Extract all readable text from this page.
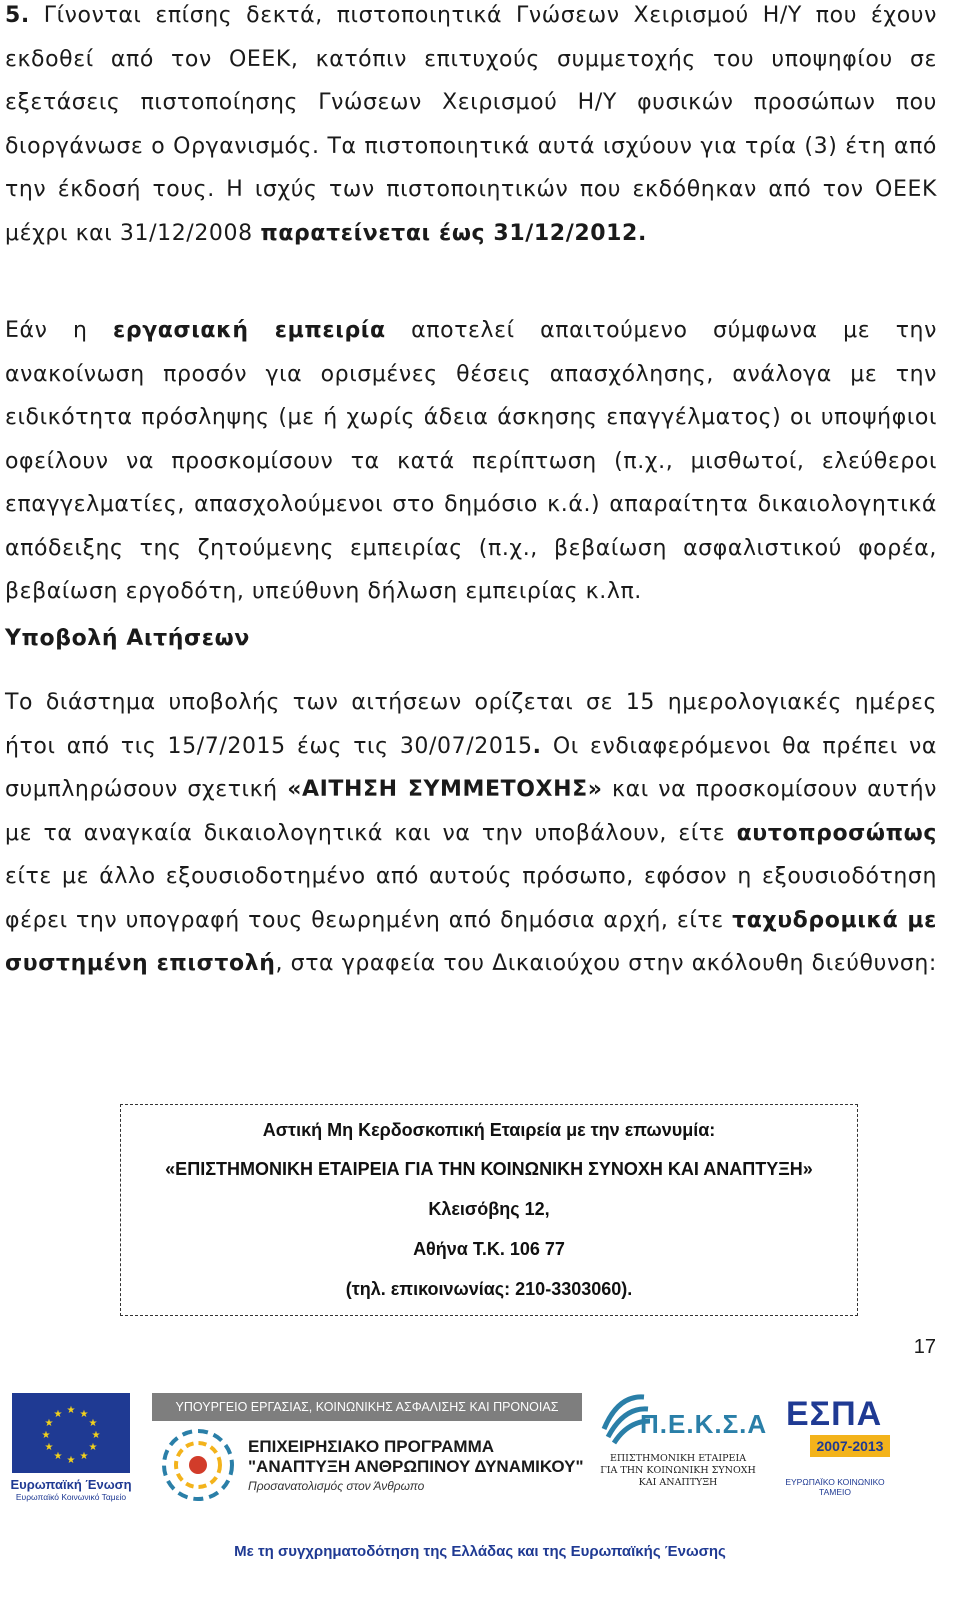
5. Γίνονται επίσης δεκτά, πιστοποιητικά Γνώσεων Χειρισμού Η/Υ που έχουν εκδοθεί από τον ΟΕΕΚ, κατόπιν επιτυχούς συμμετοχής του υποψηφίου σε εξετάσεις πιστοποίησης Γνώσεων Χειρισμού Η/Υ φυσικών προσώπων που διοργάνωσε ο Οργανισμός. Τα πιστοποιητικά αυτά ισχύουν για τρία (3) έτη από την έκδοσή τους. Η ισχύς των πιστοποιητικών που εκδόθηκαν από τον ΟΕΕΚ μέχρι και 31/12/2008 παρατείνεται έως 31/12/2012.

Εάν η εργασιακή εμπειρία αποτελεί απαιτούμενο σύμφωνα με την ανακοίνωση προσόν για ορισμένες θέσεις απασχόλησης, ανάλογα με την ειδικότητα πρόσληψης (με ή χωρίς άδεια άσκησης επαγγέλματος) οι υποψήφιοι οφείλουν να προσκομίσουν τα κατά περίπτωση (π.χ., μισθωτοί, ελεύθεροι επαγγελματίες, απασχολούμενοι στο δημόσιο κ.ά.) απαραίτητα δικαιολογητικά απόδειξης της ζητούμενης εμπειρίας (π.χ., βεβαίωση ασφαλιστικού φορέα, βεβαίωση εργοδότη, υπεύθυνη δήλωση εμπειρίας κ.λπ.

Υποβολή Αιτήσεων

Το διάστημα υποβολής των αιτήσεων ορίζεται σε 15 ημερολογιακές ημέρες ήτοι από τις 15/7/2015 έως τις 30/07/2015. Οι ενδιαφερόμενοι θα πρέπει να συμπληρώσουν σχετική «ΑΙΤΗΣΗ ΣΥΜΜΕΤΟΧΗΣ» και να προσκομίσουν αυτήν με τα αναγκαία δικαιολογητικά και να την υποβάλουν, είτε αυτοπροσώπως είτε με άλλο εξουσιοδοτημένο από αυτούς πρόσωπο, εφόσον η εξουσιοδότηση φέρει την υπογραφή τους θεωρημένη από δημόσια αρχή, είτε ταχυδρομικά με συστημένη επιστολή, στα γραφεία του Δικαιούχου στην ακόλουθη διεύθυνση:

Αστική Μη Κερδοσκοπική Εταιρεία με την επωνυμία:
«ΕΠΙΣΤΗΜΟΝΙΚΗ ΕΤΑΙΡΕΙΑ ΓΙΑ ΤΗΝ ΚΟΙΝΩΝΙΚΗ ΣΥΝΟΧΗ ΚΑΙ ΑΝΑΠΤΥΞΗ»
Κλεισόβης 12,
Αθήνα Τ.Κ. 106 77
(τηλ. επικοινωνίας: 210-3303060).
17
★ ★
★
★
★
★
★
★
★
★
★
★
Ευρωπαϊκή Ένωση
Ευρωπαϊκό Κοινωνικό Ταμείο
ΥΠΟΥΡΓΕΙΟ ΕΡΓΑΣΙΑΣ, ΚΟΙΝΩΝΙΚΗΣ ΑΣΦΑΛΙΣΗΣ ΚΑΙ ΠΡΟΝΟΙΑΣ
ΕΠΙΧΕΙΡΗΣΙΑΚΟ ΠΡΟΓΡΑΜΜΑ
"ΑΝΑΠΤΥΞΗ ΑΝΘΡΩΠΙΝΟΥ ΔΥΝΑΜΙΚΟΥ"
Προσανατολισμός στον Άνθρωπο
Π.Ε.Κ.Σ.Α
ΕΠΙΣΤΗΜΟΝΙΚΗ ΕΤΑΙΡΕΙΑ
ΓΙΑ ΤΗΝ ΚΟΙΝΩΝΙΚΗ ΣΥΝΟΧΗ
ΚΑΙ ΑΝΑΠΤΥΞΗ
ΕΣΠΑ
2007-2013
ΕΥΡΩΠΑΪΚΟ ΚΟΙΝΩΝΙΚΟ ΤΑΜΕΙΟ
Με τη συγχρηματοδότηση της Ελλάδας και της Ευρωπαϊκής Ένωσης
